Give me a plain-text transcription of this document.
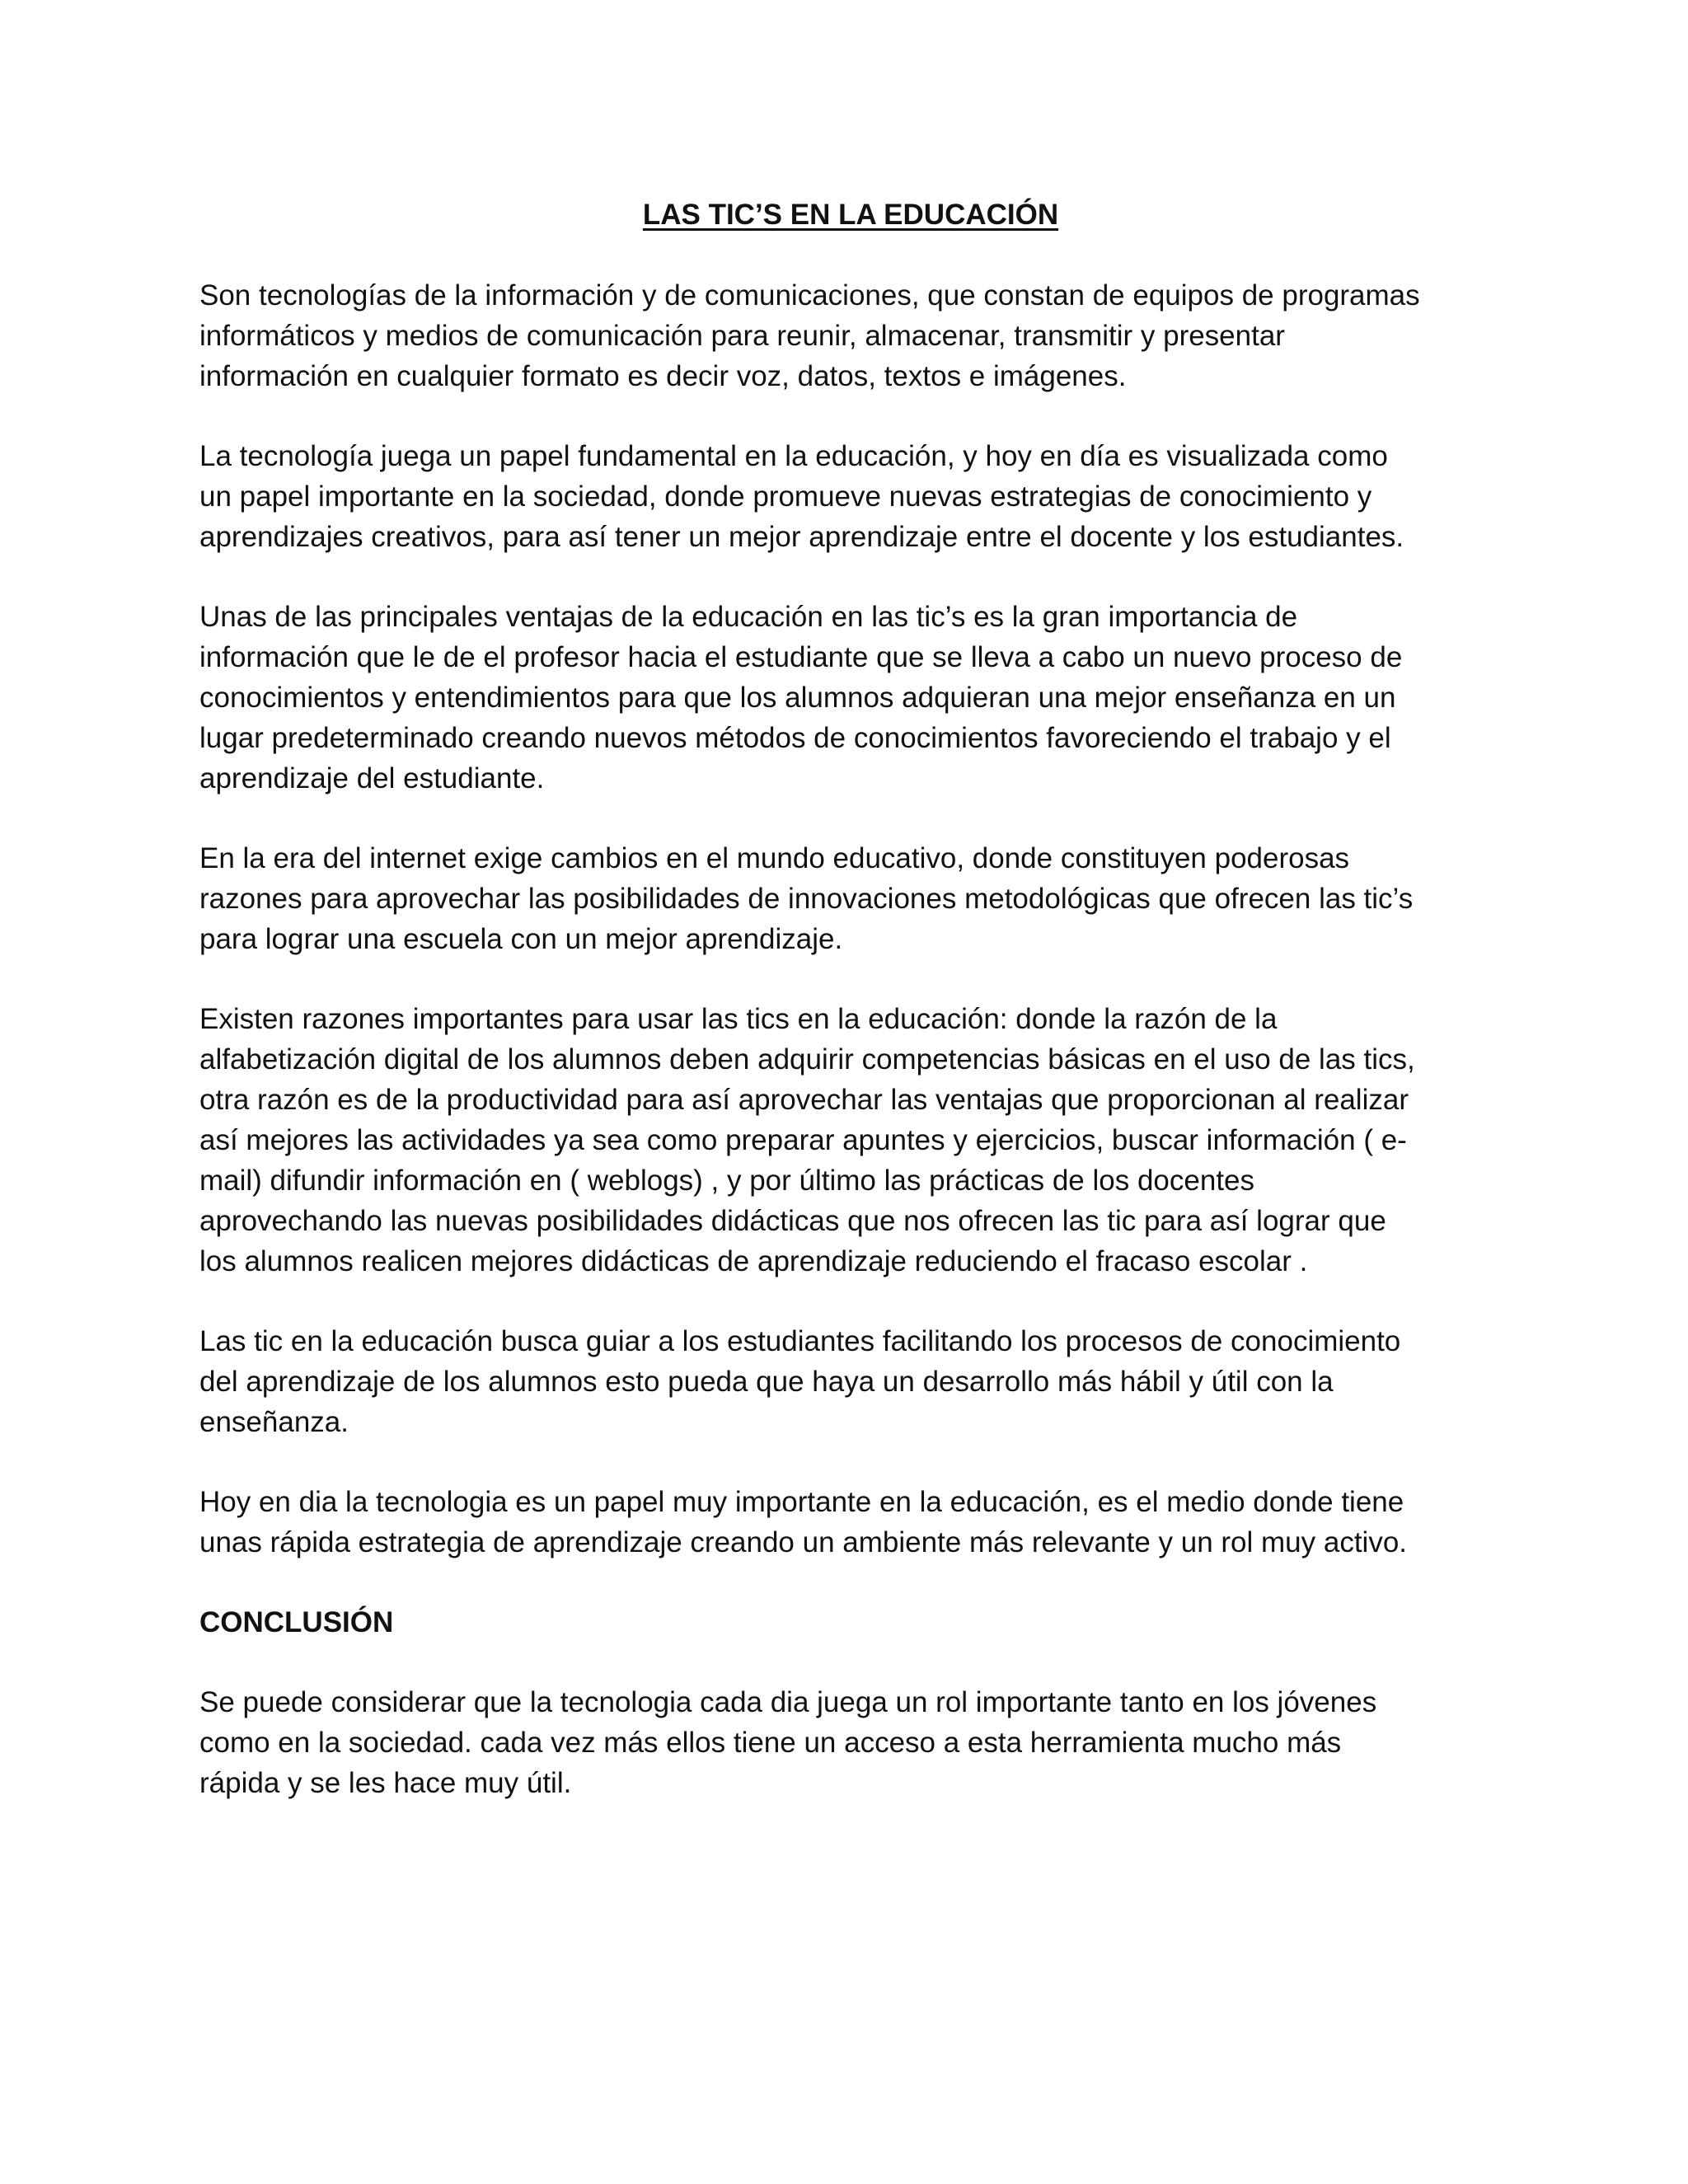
LAS TIC’S EN LA EDUCACIÓN
Son tecnologías de la información y de comunicaciones, que constan de equipos de programas
informáticos y medios de comunicación para reunir, almacenar, transmitir y presentar
información en cualquier formato es decir voz, datos, textos e imágenes.
La tecnología juega un papel fundamental en la educación, y hoy en día es visualizada como
un papel importante en la sociedad, donde promueve nuevas estrategias de conocimiento y
aprendizajes creativos, para así tener un mejor aprendizaje entre el docente y los estudiantes.
Unas de las principales ventajas de la educación en las tic’s es la gran importancia de
información que le de el profesor hacia el estudiante que se lleva a cabo un nuevo proceso de
conocimientos y entendimientos para que los alumnos adquieran una mejor enseñanza en un
lugar predeterminado creando nuevos métodos de conocimientos favoreciendo el trabajo y el
aprendizaje del estudiante.
En la era del internet exige cambios en el mundo educativo, donde constituyen poderosas
razones para aprovechar las posibilidades de innovaciones metodológicas que ofrecen las tic’s
para lograr una escuela con un mejor aprendizaje.
Existen razones importantes para usar las tics en la educación: donde la razón de la
alfabetización digital de los alumnos deben adquirir competencias básicas en el uso de las tics,
otra razón es de la productividad para así aprovechar las ventajas que proporcionan al realizar
así mejores las actividades ya sea como preparar apuntes y ejercicios, buscar información ( e-
mail) difundir información en ( weblogs) , y por último las prácticas de los docentes
aprovechando las nuevas posibilidades didácticas que nos ofrecen las tic para así lograr que
los alumnos realicen mejores didácticas de aprendizaje reduciendo el fracaso escolar .
Las tic en la educación busca guiar a los estudiantes facilitando los procesos de conocimiento
del aprendizaje de los alumnos esto pueda que haya un desarrollo más hábil y útil con la
enseñanza.
Hoy en dia la tecnologia es un papel muy importante en la educación, es el medio donde tiene
unas rápida estrategia de aprendizaje creando un ambiente más relevante y un rol muy activo.
CONCLUSIÓN
Se puede considerar que la tecnologia cada dia juega un rol importante tanto en los jóvenes
como en la sociedad. cada vez más ellos tiene un acceso a esta herramienta mucho más
rápida y se les hace muy útil.
